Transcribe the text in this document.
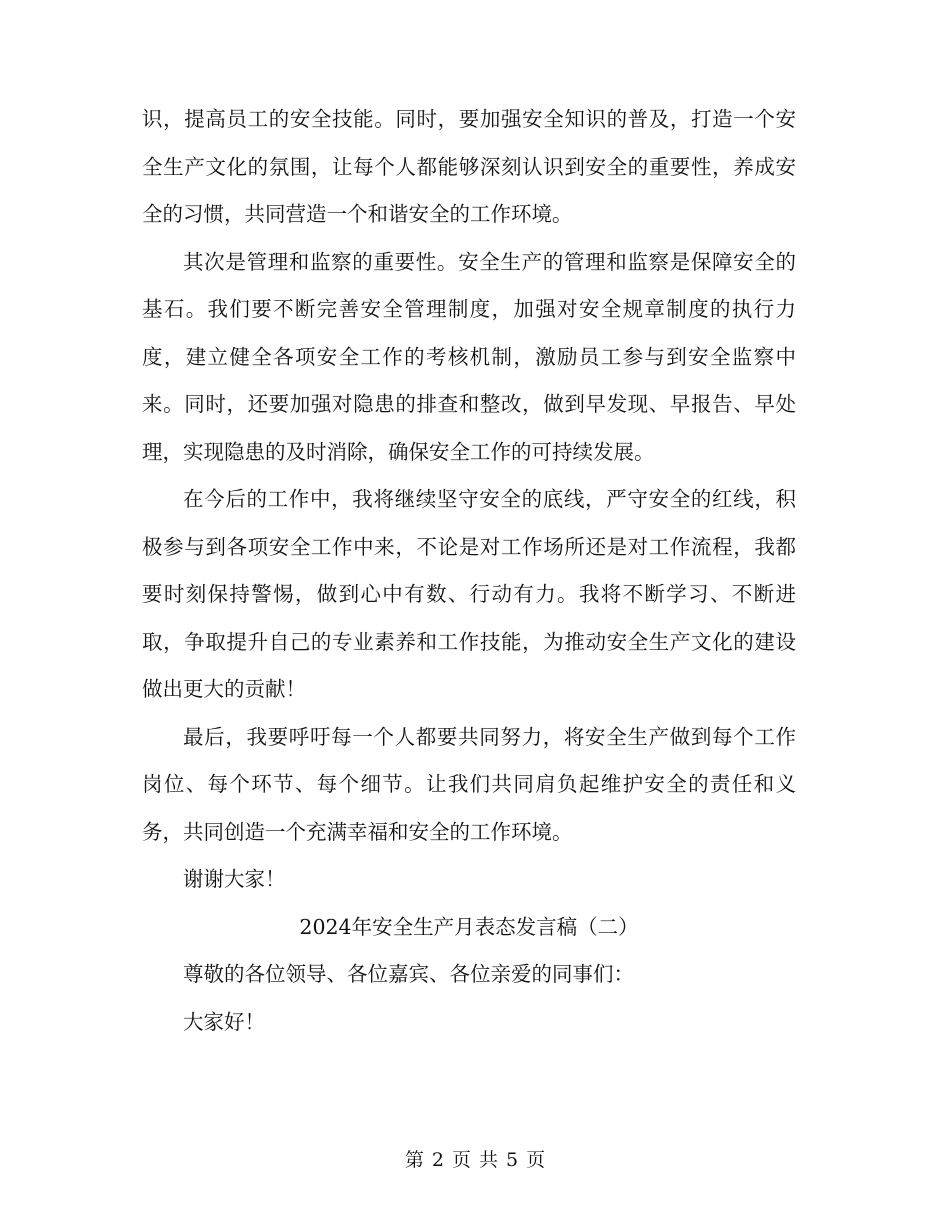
识，提高员工的安全技能。同时，要加强安全知识的普及，打造一个安全生产文化的氛围，让每个人都能够深刻认识到安全的重要性，养成安全的习惯，共同营造一个和谐安全的工作环境。

其次是管理和监察的重要性。安全生产的管理和监察是保障安全的基石。我们要不断完善安全管理制度，加强对安全规章制度的执行力度，建立健全各项安全工作的考核机制，激励员工参与到安全监察中来。同时，还要加强对隐患的排查和整改，做到早发现、早报告、早处理，实现隐患的及时消除，确保安全工作的可持续发展。

在今后的工作中，我将继续坚守安全的底线，严守安全的红线，积极参与到各项安全工作中来，不论是对工作场所还是对工作流程，我都要时刻保持警惕，做到心中有数、行动有力。我将不断学习、不断进取，争取提升自己的专业素养和工作技能，为推动安全生产文化的建设做出更大的贡献！

最后，我要呼吁每一个人都要共同努力，将安全生产做到每个工作岗位、每个环节、每个细节。让我们共同肩负起维护安全的责任和义务，共同创造一个充满幸福和安全的工作环境。

谢谢大家！

2024年安全生产月表态发言稿（二）

尊敬的各位领导、各位嘉宾、各位亲爱的同事们：

大家好！

第 2 页 共 5 页
